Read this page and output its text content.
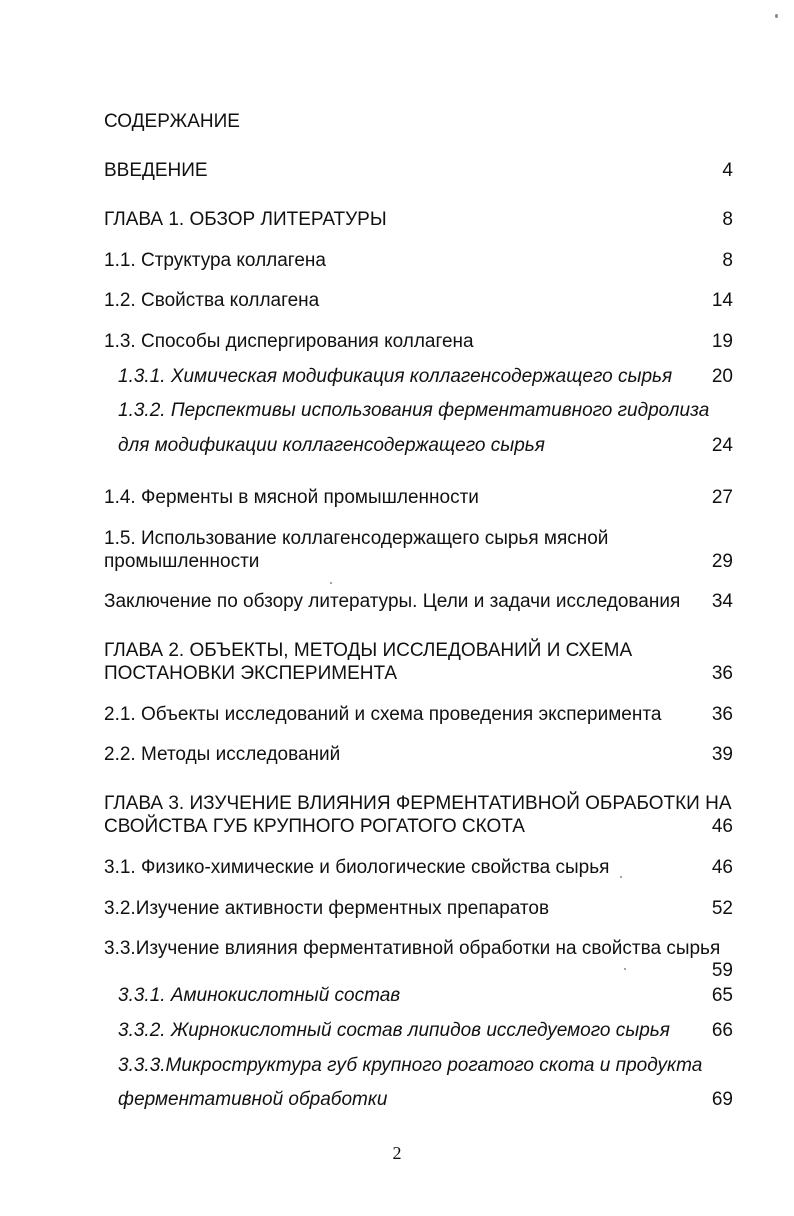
СОДЕРЖАНИЕ
ВВЕДЕНИЕ	4
ГЛАВА 1. ОБЗОР ЛИТЕРАТУРЫ	8
1.1. Структура коллагена	8
1.2. Свойства коллагена	14
1.3. Способы диспергирования коллагена	19
1.3.1. Химическая модификация коллагенсодержащего сырья	20
1.3.2. Перспективы использования ферментативного гидролиза
для модификации коллагенсодержащего сырья	24
1.4. Ферменты в мясной промышленности	27
1.5. Использование коллагенсодержащего сырья мясной
промышленности	29
Заключение по обзору литературы. Цели и задачи исследования	34
ГЛАВА 2. ОБЪЕКТЫ, МЕТОДЫ ИССЛЕДОВАНИЙ И СХЕМА
ПОСТАНОВКИ ЭКСПЕРИМЕНТА	36
2.1. Объекты исследований и схема проведения эксперимента	36
2.2. Методы исследований	39
ГЛАВА 3. ИЗУЧЕНИЕ ВЛИЯНИЯ ФЕРМЕНТАТИВНОЙ ОБРАБОТКИ НА
СВОЙСТВА ГУБ КРУПНОГО РОГАТОГО СКОТА	46
3.1. Физико-химические и биологические свойства сырья	46
3.2.Изучение активности ферментных препаратов	52
3.3.Изучение влияния ферментативной обработки на свойства сырья
59
3.3.1. Аминокислотный состав	65
3.3.2. Жирнокислотный состав липидов исследуемого сырья	66
3.3.3.Микроструктура губ крупного рогатого скота и продукта
ферментативной обработки	69
2
